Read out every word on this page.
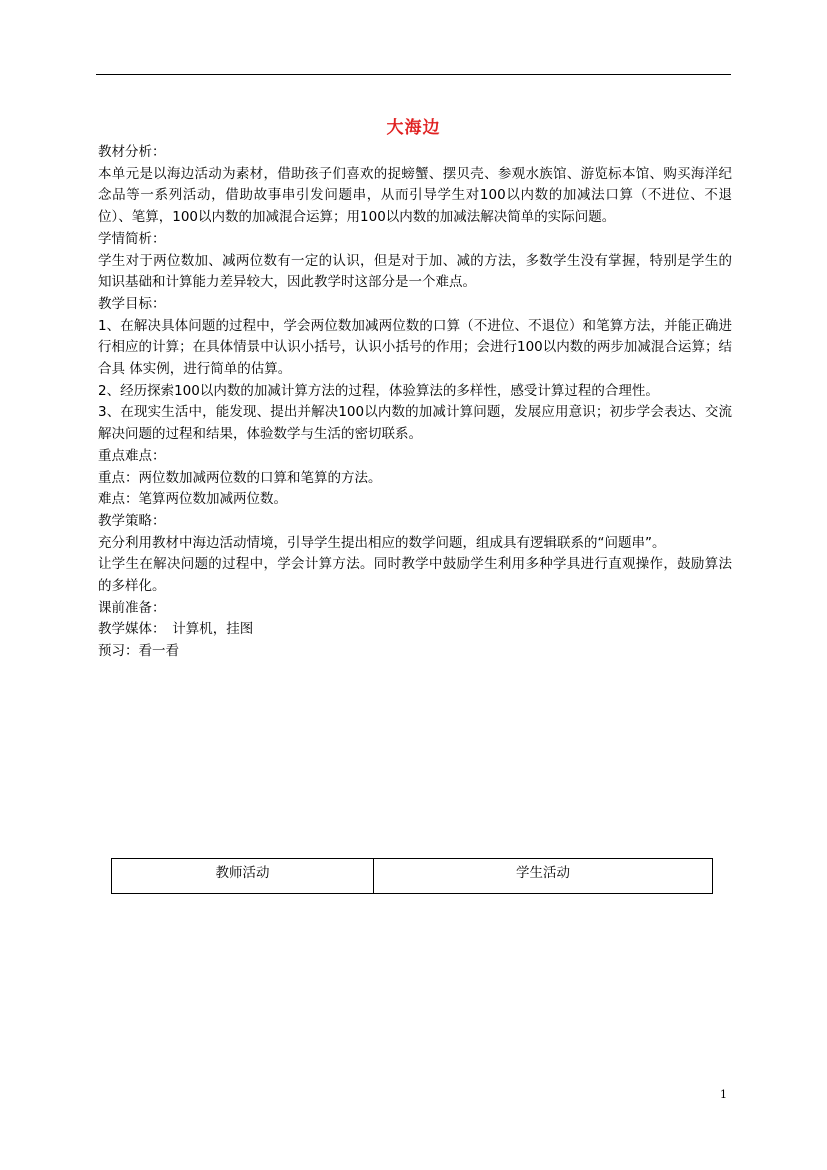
大海边

教材分析：

本单元是以海边活动为素材，借助孩子们喜欢的捉螃蟹、摆贝壳、参观水族馆、游览标本馆、购买海洋纪念品等一系列活动，借助故事串引发问题串，从而引导学生对100以内数的加减法口算（不进位、不退位）、笔算，100以内数的加减混合运算；用100以内数的加减法解决简单的实际问题。

学情简析：

学生对于两位数加、减两位数有一定的认识，但是对于加、减的方法，多数学生没有掌握，特别是学生的知识基础和计算能力差异较大，因此教学时这部分是一个难点。

教学目标：

1、在解决具体问题的过程中，学会两位数加减两位数的口算（不进位、不退位）和笔算方法，并能正确进行相应的计算；在具体情景中认识小括号，认识小括号的作用；会进行100以内数的两步加减混合运算；结合具 体实例，进行简单的估算。

2、经历探索100以内数的加减计算方法的过程，体验算法的多样性，感受计算过程的合理性。

3、在现实生活中，能发现、提出并解决100以内数的加减计算问题，发展应用意识；初步学会表达、交流解决问题的过程和结果，体验数学与生活的密切联系。

重点难点：

重点：两位数加减两位数的口算和笔算的方法。

难点：笔算两位数加减两位数。

教学策略：

充分利用教材中海边活动情境，引导学生提出相应的数学问题，组成具有逻辑联系的“问题串”。

让学生在解决问题的过程中，学会计算方法。同时教学中鼓励学生利用多种学具进行直观操作，鼓励算法的多样化。

课前准备：

教学媒体：　计算机，挂图

预习：看一看

教师活动	学生活动
1
